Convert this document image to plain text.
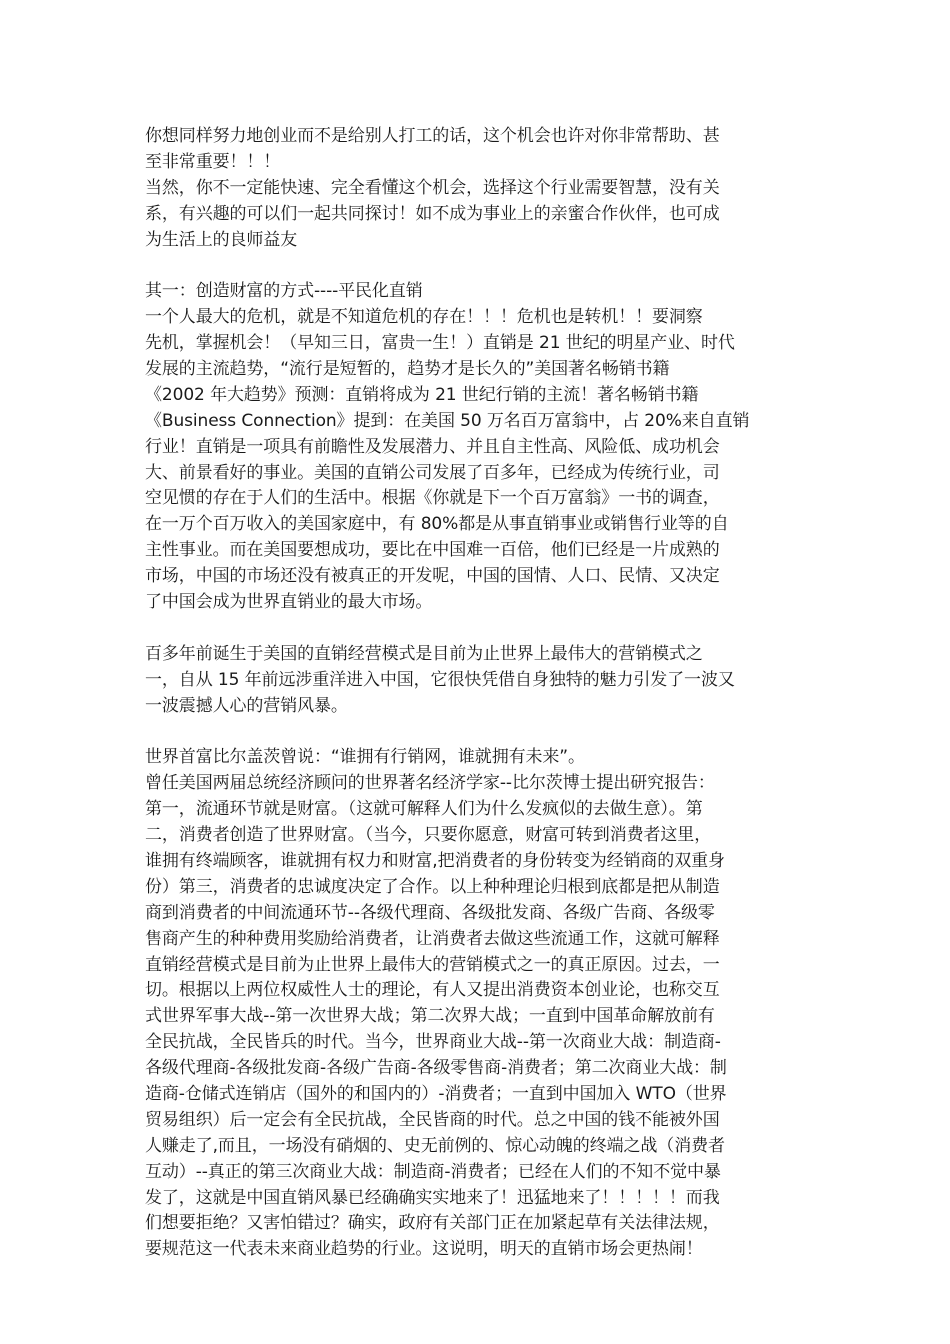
你想同样努力地创业而不是给别人打工的话，这个机会也许对你非常帮助、甚
至非常重要！！！
当然，你不一定能快速、完全看懂这个机会，选择这个行业需要智慧，没有关
系，有兴趣的可以们一起共同探讨！如不成为事业上的亲蜜合作伙伴，也可成
为生活上的良师益友
其一：创造财富的方式----平民化直销
一个人最大的危机，就是不知道危机的存在！！！危机也是转机！！要洞察
先机，掌握机会！（早知三日，富贵一生！）直销是 21 世纪的明星产业、时代
发展的主流趋势，“流行是短暂的，趋势才是长久的”美国著名畅销书籍
《2002 年大趋势》预测：直销将成为 21 世纪行销的主流！著名畅销书籍
《Business Connection》提到：在美国 50 万名百万富翁中，占 20%来自直销
行业！直销是一项具有前瞻性及发展潜力、并且自主性高、风险低、成功机会
大、前景看好的事业。美国的直销公司发展了百多年，已经成为传统行业，司
空见惯的存在于人们的生活中。根据《你就是下一个百万富翁》一书的调查，
在一万个百万收入的美国家庭中，有 80%都是从事直销事业或销售行业等的自
主性事业。而在美国要想成功，要比在中国难一百倍，他们已经是一片成熟的
市场，中国的市场还没有被真正的开发呢，中国的国情、人口、民情、又决定
了中国会成为世界直销业的最大市场。
百多年前诞生于美国的直销经营模式是目前为止世界上最伟大的营销模式之
一，自从 15 年前远涉重洋进入中国，它很快凭借自身独特的魅力引发了一波又
一波震撼人心的营销风暴。
世界首富比尔盖茨曾说：“谁拥有行销网，谁就拥有未来”。
曾任美国两届总统经济顾问的世界著名经济学家--比尔茨博士提出研究报告：
第一，流通环节就是财富。（这就可解释人们为什么发疯似的去做生意）。第
二，消费者创造了世界财富。（当今，只要你愿意，财富可转到消费者这里，
谁拥有终端顾客，谁就拥有权力和财富,把消费者的身份转变为经销商的双重身
份）第三，消费者的忠诚度决定了合作。以上种种理论归根到底都是把从制造
商到消费者的中间流通环节--各级代理商、各级批发商、各级广告商、各级零
售商产生的种种费用奖励给消费者，让消费者去做这些流通工作，这就可解释
直销经营模式是目前为止世界上最伟大的营销模式之一的真正原因。过去，一
切。根据以上两位权威性人士的理论，有人又提出消费资本创业论，也称交互
式世界军事大战--第一次世界大战；第二次界大战；一直到中国革命解放前有
全民抗战，全民皆兵的时代。当今，世界商业大战--第一次商业大战：制造商-
各级代理商-各级批发商-各级广告商-各级零售商-消费者；第二次商业大战：制
造商-仓储式连销店（国外的和国内的）-消费者；一直到中国加入 WTO（世界
贸易组织）后一定会有全民抗战，全民皆商的时代。总之中国的钱不能被外国
人赚走了,而且，一场没有硝烟的、史无前例的、惊心动魄的终端之战（消费者
互动）--真正的第三次商业大战：制造商-消费者；已经在人们的不知不觉中暴
发了，这就是中国直销风暴已经确确实实地来了！迅猛地来了！！！！！而我
们想要拒绝？又害怕错过？确实，政府有关部门正在加紧起草有关法律法规，
要规范这一代表未来商业趋势的行业。这说明，明天的直销市场会更热闹！
